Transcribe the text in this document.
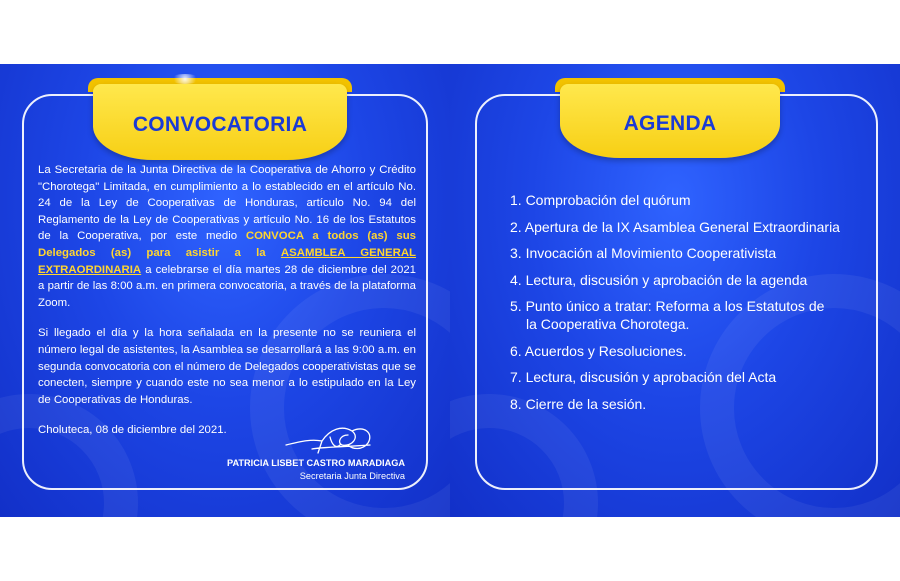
CONVOCATORIA

La Secretaria de la Junta Directiva de la Cooperativa de Ahorro y Crédito "Chorotega" Limitada, en cumplimiento a lo establecido en el artículo No. 24 de la Ley de Cooperativas de Honduras, artículo No. 94 del Reglamento de la Ley de Cooperativas y artículo No. 16 de los Estatutos de la Cooperativa, por este medio CONVOCA a todos (as) sus Delegados (as) para asistir a la ASAMBLEA GENERAL EXTRAORDINARIA a celebrarse el día martes 28 de diciembre del 2021 a partir de las 8:00 a.m. en primera convocatoria, a través de la plataforma Zoom.

Si llegado el día y la hora señalada en la presente no se reuniera el número legal de asistentes, la Asamblea se desarrollará a las 9:00 a.m. en segunda convocatoria con el número de Delegados cooperativistas que se conecten, siempre y cuando este no sea menor a lo estipulado en la Ley de Cooperativas de Honduras.

Choluteca, 08 de diciembre del 2021.

PATRICIA LISBET CASTRO MARADIAGA
Secretaria Junta Directiva
AGENDA
1. Comprobación del quórum
2. Apertura de la IX Asamblea General Extraordinaria
3. Invocación al Movimiento Cooperativista
4. Lectura, discusión y aprobación de la agenda
5. Punto único a tratar: Reforma a los Estatutos de
la Cooperativa Chorotega.
6. Acuerdos y Resoluciones.
7. Lectura, discusión y aprobación del Acta
8. Cierre de la sesión.
